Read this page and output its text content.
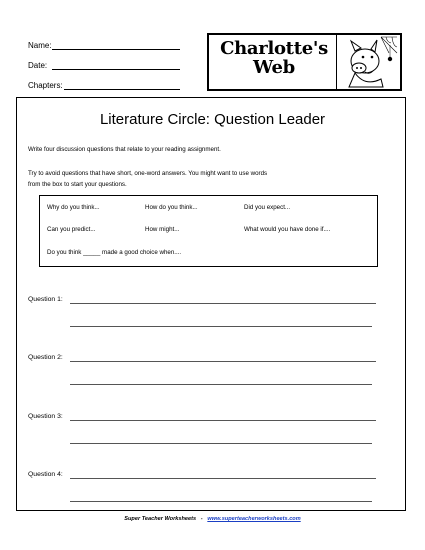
Name:
Date:
Chapters:
Charlotte's
Web
Literature Circle: Question Leader
Write four discussion questions that relate to your reading assignment.
Try to avoid questions that have short, one-word answers. You might want to use words
from the box to start your questions.
Why do you think...	How do you think...	Did you expect...
Can you predict...	How might...	What would you have done if....
Do you think _____ made a good choice when....
Question 1:
Question 2:
Question 3:
Question 4:
Super Teacher Worksheets - www.superteacherworksheets.com
